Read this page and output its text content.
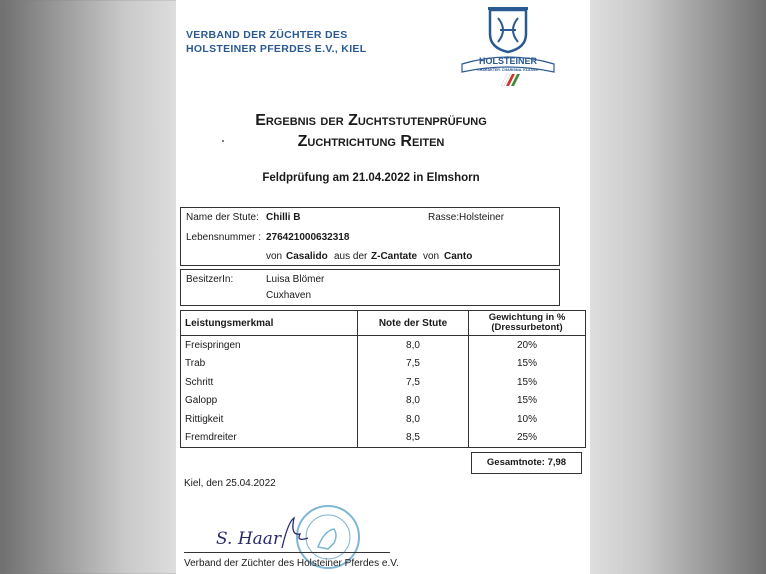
VERBAND DER ZÜCHTER DES
HOLSTEINER PFERDES E.V., KIEL
HOLSTEINER
CHARAKTER. CHARISMA. KLASSE.
Ergebnis der Zuchtstutenprüfung
Zuchtrichtung Reiten
Feldprüfung am 21.04.2022 in Elmshorn
Name der Stute: Chilli B	Rasse: Holsteiner
Lebensnummer : 276421000632318
von Casalido aus der Z-Cantate von Canto
BesitzerIn:	Luisa Blömer
Cuxhaven
Leistungsmerkmal	Note der Stute	Gewichtung in % (Dressurbetont)
Freispringen	8,0	20%
Trab	7,5	15%
Schritt	7,5	15%
Galopp	8,0	15%
Rittigkeit	8,0	10%
Fremdreiter	8,5	25%
Gesamtnote: 7,98
Kiel, den 25.04.2022
S. Haar
Verband der Züchter des Holsteiner Pferdes e.V.
